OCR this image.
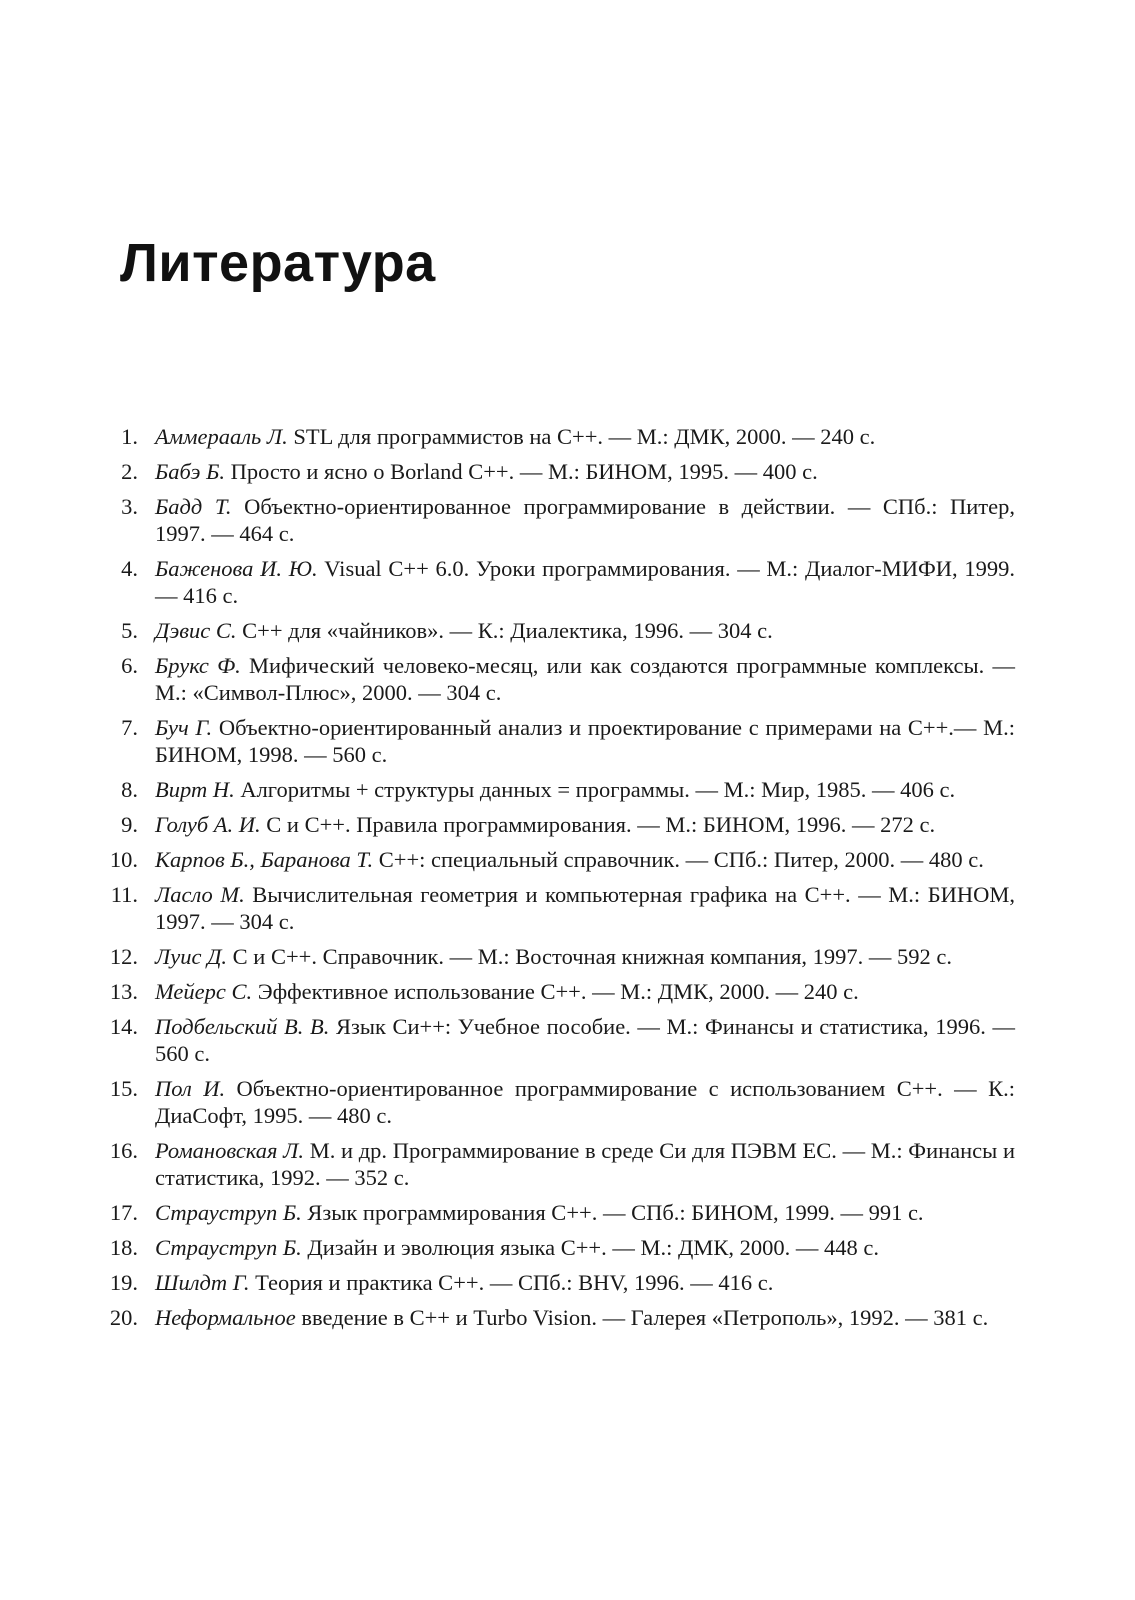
Литература
1. Аммерааль Л. STL для программистов на C++. — М.: ДМК, 2000. — 240 с.
2. Бабэ Б. Просто и ясно о Borland C++. — М.: БИНОМ, 1995. — 400 с.
3. Бадд Т. Объектно-ориентированное программирование в действии. — СПб.: Питер, 1997. — 464 с.
4. Баженова И. Ю. Visual C++ 6.0. Уроки программирования. — М.: Диалог-МИФИ, 1999. — 416 с.
5. Дэвис С. C++ для «чайников». — К.: Диалектика, 1996. — 304 с.
6. Брукс Ф. Мифический человеко-месяц, или как создаются программные комплексы. — М.: «Символ-Плюс», 2000. — 304 с.
7. Буч Г. Объектно-ориентированный анализ и проектирование с примерами на C++.— М.: БИНОМ, 1998. — 560 с.
8. Вирт Н. Алгоритмы + структуры данных = программы. — М.: Мир, 1985. — 406 с.
9. Голуб А. И. С и C++. Правила программирования. — М.: БИНОМ, 1996. — 272 с.
10. Карпов Б., Баранова Т. C++: специальный справочник. — СПб.: Питер, 2000. — 480 с.
11. Ласло М. Вычислительная геометрия и компьютерная графика на C++. — М.: БИНОМ, 1997. — 304 с.
12. Луис Д. С и C++. Справочник. — М.: Восточная книжная компания, 1997. — 592 с.
13. Мейерс С. Эффективное использование C++. — М.: ДМК, 2000. — 240 с.
14. Подбельский В. В. Язык Си++: Учебное пособие. — М.: Финансы и статистика, 1996. — 560 с.
15. Пол И. Объектно-ориентированное программирование с использованием C++. — К.: ДиаСофт, 1995. — 480 с.
16. Романовская Л. М. и др. Программирование в среде Си для ПЭВМ ЕС. — М.: Финансы и статистика, 1992. — 352 с.
17. Страуструп Б. Язык программирования C++. — СПб.: БИНОМ, 1999. — 991 с.
18. Страуструп Б. Дизайн и эволюция языка C++. — М.: ДМК, 2000. — 448 с.
19. Шилдт Г. Теория и практика C++. — СПб.: BHV, 1996. — 416 с.
20. Неформальное введение в C++ и Turbo Vision. — Галерея «Петрополь», 1992. — 381 с.
